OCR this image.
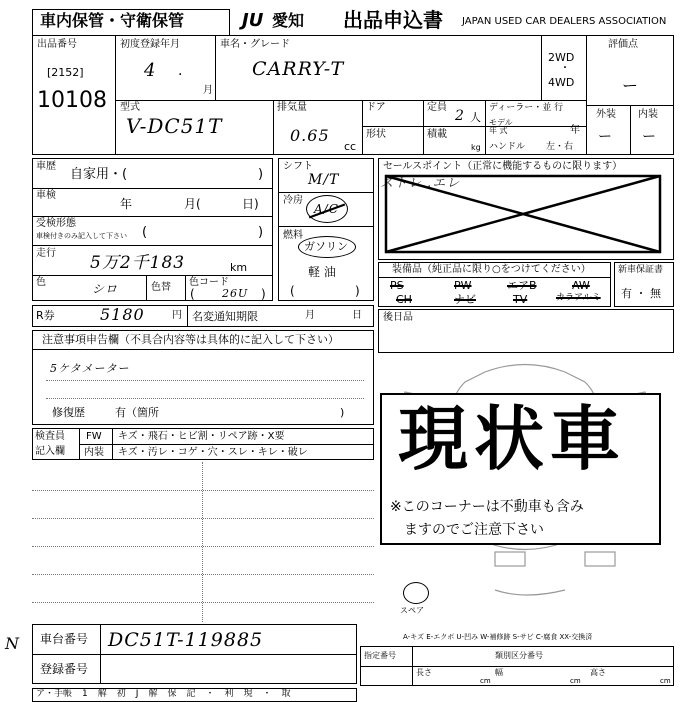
車内保管・守衛保管	JU 愛知 出品申込書 JAPAN USED CAR DEALERS ASSOCIATION
出品番号
[2152]
10108
初度登録年月
4 .
月
車名・グレード
CARRY-T
2WD
・
4WD
評価点
ー
外装 内装
ー ー
型式
V-DC51T
排気量
0.65
cc
ドア	定員
2 人
ディーラー・並 行
形状	積載
kg
モデル
年 式	年
ハンドル 左・右
車歴
自家用・(	)
車検
年	月(	日)
受検形態
車検付きのみ記入して下さい (	)
走行 5万2千183	km
色	シロ	色替 色コード
( 26U )
シフト
M/T
冷房
A/C
燃料
ガソリン
軽 油
(	)
セールスポイント（正常に機能するものに限ります）
ストレ..エレ
装備品（純正品に限り○をつけてください）
PS	PW	エアB	AW
CH	ナビ	TV	カラアルミ
新車保証書
有 ・ 無
R券	5180	円 名変通知期限	月	日 後日品
注意事項申告欄（不具合内容等は具体的に記入して下さい）
5ケタメーター
修復歴	有（箇所	)
検査員
記入欄
FW キズ・飛石・ヒビ割・リペア跡・X要
内装 キズ・汚レ・コゲ・穴・スレ・キレ・破レ 現状車
※このコーナーは不動車も含み
ますのでご注意下さい
スペア
N 車台番号 DC51T-119885
登録番号
A-キズ E-エクボ U-凹み W-補修跡 S-サビ C-腐食 XX-交換済
指定番号	類別区分番号
長さ	幅	高さ
cm	cm	cm
ア・手帳 1 解 初 J 解 保 記 ・ 利 現 ・ 取
